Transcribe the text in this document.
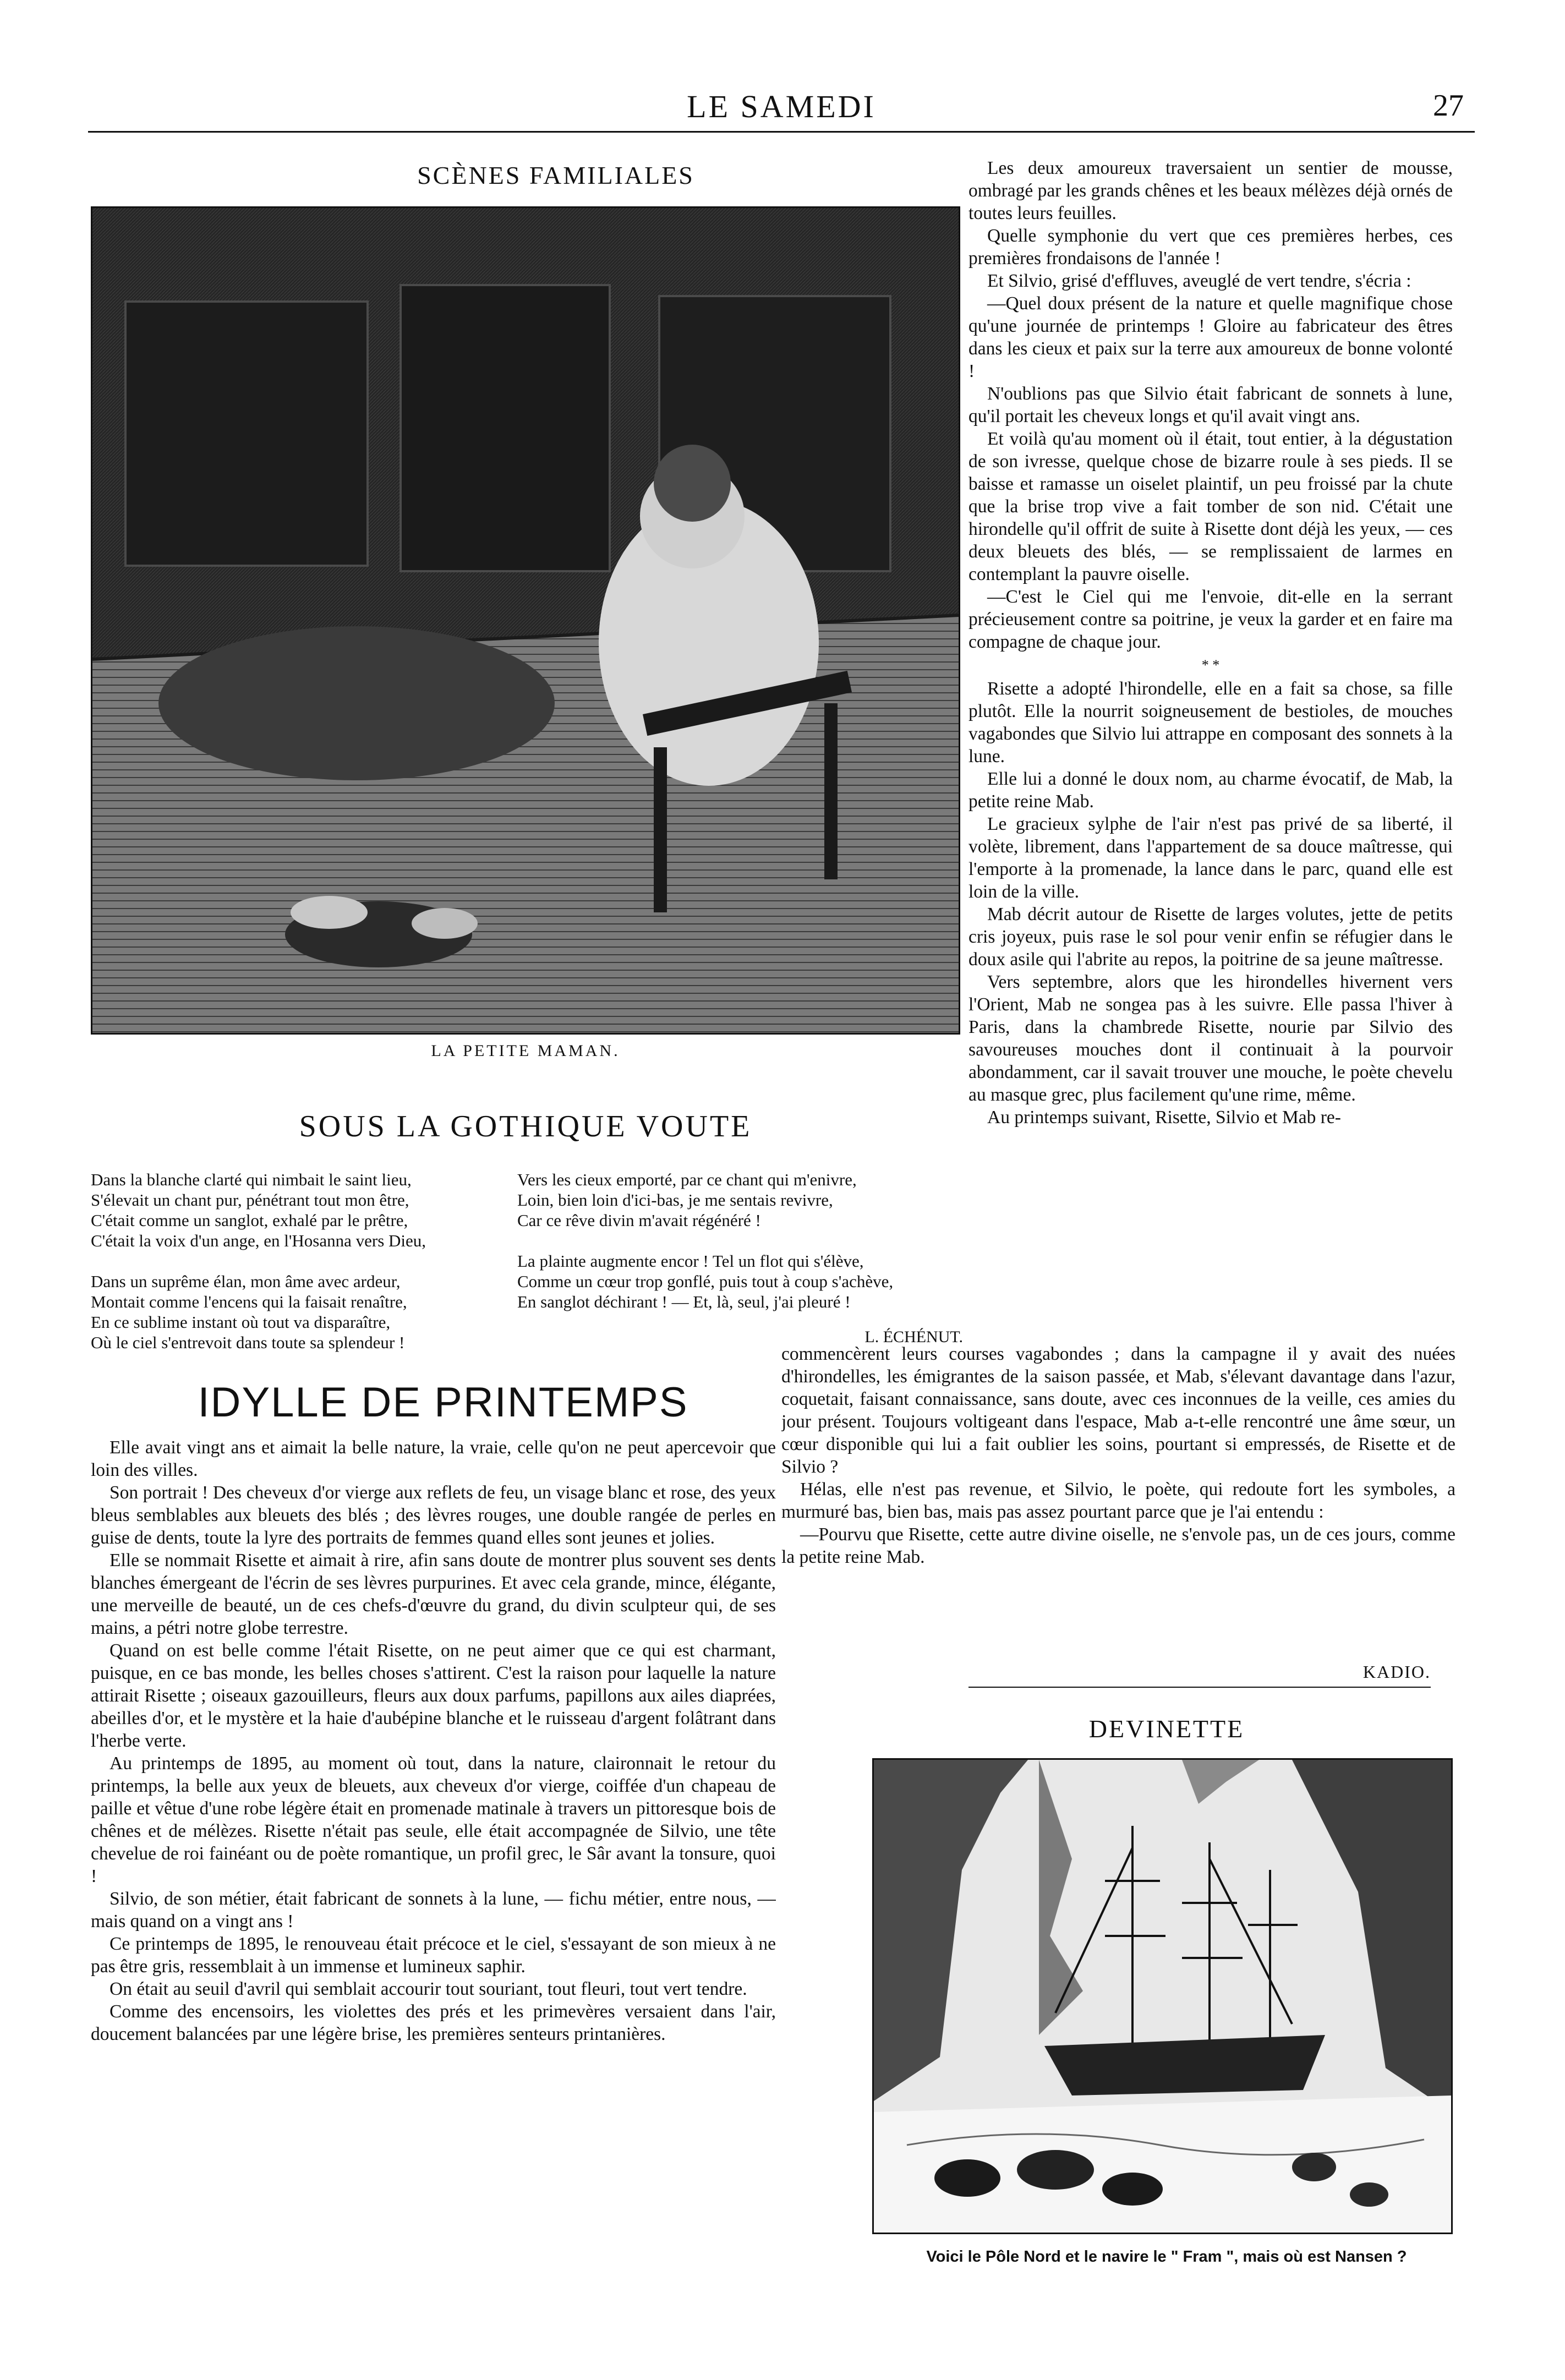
LE SAMEDI	27
SCÈNES FAMILIALES
LA PETITE MAMAN.
SOUS LA GOTHIQUE VOUTE
Dans la blanche clarté qui nimbait le saint lieu,
S'élevait un chant pur, pénétrant tout mon être,
C'était comme un sanglot, exhalé par le prêtre,
C'était la voix d'un ange, en l'Hosanna vers Dieu,

Dans un suprême élan, mon âme avec ardeur,
Montait comme l'encens qui la faisait renaître,
En ce sublime instant où tout va disparaître,
Où le ciel s'entrevoit dans toute sa splendeur !
Vers les cieux emporté, par ce chant qui m'enivre,
Loin, bien loin d'ici-bas, je me sentais revivre,
Car ce rêve divin m'avait régénéré !

La plainte augmente encor ! Tel un flot qui s'élève,
Comme un cœur trop gonflé, puis tout à coup s'achève,
En sanglot déchirant ! — Et, là, seul, j'ai pleuré !
L. ÉCHÉNUT.
IDYLLE DE PRINTEMPS

Elle avait vingt ans et aimait la belle nature, la vraie, celle qu'on ne peut apercevoir que loin des villes.

Son portrait ! Des cheveux d'or vierge aux reflets de feu, un visage blanc et rose, des yeux bleus semblables aux bleuets des blés ; des lèvres rouges, une double rangée de perles en guise de dents, toute la lyre des portraits de femmes quand elles sont jeunes et jolies.

Elle se nommait Risette et aimait à rire, afin sans doute de montrer plus souvent ses dents blanches émergeant de l'écrin de ses lèvres purpurines. Et avec cela grande, mince, élégante, une merveille de beauté, un de ces chefs-d'œuvre du grand, du divin sculpteur qui, de ses mains, a pétri notre globe terrestre.

Quand on est belle comme l'était Risette, on ne peut aimer que ce qui est charmant, puisque, en ce bas monde, les belles choses s'attirent. C'est la raison pour laquelle la nature attirait Risette ; oiseaux gazouilleurs, fleurs aux doux parfums, papillons aux ailes diaprées, abeilles d'or, et le mystère et la haie d'aubépine blanche et le ruisseau d'argent folâtrant dans l'herbe verte.

Au printemps de 1895, au moment où tout, dans la nature, claironnait le retour du printemps, la belle aux yeux de bleuets, aux cheveux d'or vierge, coiffée d'un chapeau de paille et vêtue d'une robe légère était en promenade matinale à travers un pittoresque bois de chênes et de mélèzes. Risette n'était pas seule, elle était accompagnée de Silvio, une tête chevelue de roi fainéant ou de poète romantique, un profil grec, le Sâr avant la tonsure, quoi !

Silvio, de son métier, était fabricant de sonnets à la lune, — fichu métier, entre nous, — mais quand on a vingt ans !

Ce printemps de 1895, le renouveau était précoce et le ciel, s'essayant de son mieux à ne pas être gris, ressemblait à un immense et lumineux saphir.

On était au seuil d'avril qui semblait accourir tout souriant, tout fleuri, tout vert tendre.

Comme des encensoirs, les violettes des prés et les primevères versaient dans l'air, doucement balancées par une légère brise, les premières senteurs printanières.

Les deux amoureux traversaient un sentier de mousse, ombragé par les grands chênes et les beaux mélèzes déjà ornés de toutes leurs feuilles.

Quelle symphonie du vert que ces premières herbes, ces premières frondaisons de l'année !

Et Silvio, grisé d'effluves, aveuglé de vert tendre, s'écria :

—Quel doux présent de la nature et quelle magnifique chose qu'une journée de printemps ! Gloire au fabricateur des êtres dans les cieux et paix sur la terre aux amoureux de bonne volonté !

N'oublions pas que Silvio était fabricant de sonnets à lune, qu'il portait les cheveux longs et qu'il avait vingt ans.

Et voilà qu'au moment où il était, tout entier, à la dégustation de son ivresse, quelque chose de bizarre roule à ses pieds. Il se baisse et ramasse un oiselet plaintif, un peu froissé par la chute que la brise trop vive a fait tomber de son nid. C'était une hirondelle qu'il offrit de suite à Risette dont déjà les yeux, — ces deux bleuets des blés, — se remplissaient de larmes en contemplant la pauvre oiselle.

—C'est le Ciel qui me l'envoie, dit-elle en la serrant précieusement contre sa poitrine, je veux la garder et en faire ma compagne de chaque jour.

* *

Risette a adopté l'hirondelle, elle en a fait sa chose, sa fille plutôt. Elle la nourrit soigneusement de bestioles, de mouches vagabondes que Silvio lui attrappe en composant des sonnets à la lune.

Elle lui a donné le doux nom, au charme évocatif, de Mab, la petite reine Mab.

Le gracieux sylphe de l'air n'est pas privé de sa liberté, il volète, librement, dans l'appartement de sa douce maîtresse, qui l'emporte à la promenade, la lance dans le parc, quand elle est loin de la ville.

Mab décrit autour de Risette de larges volutes, jette de petits cris joyeux, puis rase le sol pour venir enfin se réfugier dans le doux asile qui l'abrite au repos, la poitrine de sa jeune maîtresse.

Vers septembre, alors que les hirondelles hivernent vers l'Orient, Mab ne songea pas à les suivre. Elle passa l'hiver à Paris, dans la chambrede Risette, nourie par Silvio des savoureuses mouches dont il continuait à la pourvoir abondamment, car il savait trouver une mouche, le poète chevelu au masque grec, plus facilement qu'une rime, même.

Au printemps suivant, Risette, Silvio et Mab re-

commencèrent leurs courses vagabondes ; dans la campagne il y avait des nuées d'hirondelles, les émigrantes de la saison passée, et Mab, s'élevant davantage dans l'azur, coquetait, faisant connaissance, sans doute, avec ces inconnues de la veille, ces amies du jour présent. Toujours voltigeant dans l'espace, Mab a-t-elle rencontré une âme sœur, un cœur disponible qui lui a fait oublier les soins, pourtant si empressés, de Risette et de Silvio ?

Hélas, elle n'est pas revenue, et Silvio, le poète, qui redoute fort les symboles, a murmuré bas, bien bas, mais pas assez pourtant parce que je l'ai entendu :

—Pourvu que Risette, cette autre divine oiselle, ne s'envole pas, un de ces jours, comme la petite reine Mab.

KADIO.
DEVINETTE
Voici le Pôle Nord et le navire le " Fram ", mais où est Nansen ?
